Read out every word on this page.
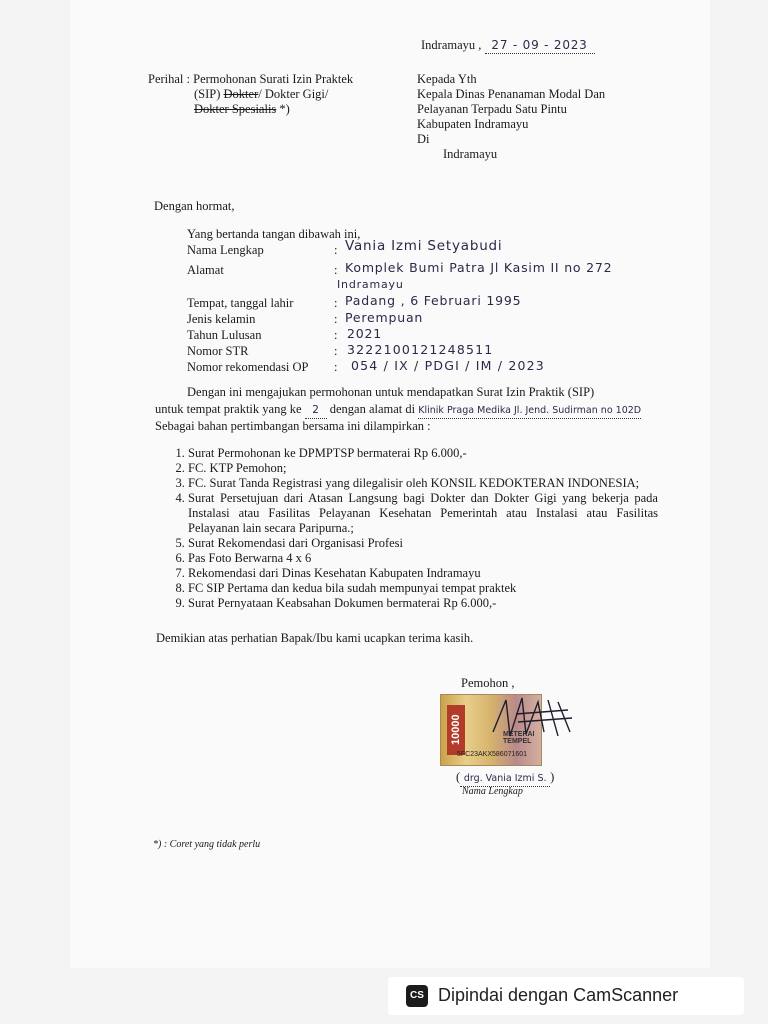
Indramayu , 27 - 09 - 2023
Perihal : Permohonan Surati Izin Praktek
(SIP) Dokter/ Dokter Gigi/
Dokter Spesialis *)
Kepada Yth
Kepala Dinas Penanaman Modal Dan
Pelayanan Terpadu Satu Pintu
Kabupaten Indramayu
Di
Indramayu
Dengan hormat,
Yang bertanda tangan dibawah ini,
Nama Lengkap	: Vania Izmi Setyabudi
Alamat	: Komplek Bumi Patra Jl Kasim II no 272
Indramayu
Tempat, tanggal lahir	: Padang , 6 Februari 1995
Jenis kelamin	: Perempuan
Tahun Lulusan	: 2021
Nomor STR	: 3222100121248511
Nomor rekomendasi OP : 054 / IX / PDGI / IM / 2023
Dengan ini mengajukan permohonan untuk mendapatkan Surat Izin Praktik (SIP)
untuk tempat praktik yang ke 2 dengan alamat di Klinik Praga Medika Jl. Jend. Sudirman no 102D
Sebagai bahan pertimbangan bersama ini dilampirkan :
1. Surat Permohonan ke DPMPTSP bermaterai Rp 6.000,-
2. FC. KTP Pemohon;
3. FC. Surat Tanda Registrasi yang dilegalisir oleh KONSIL KEDOKTERAN INDONESIA;
4. Surat Persetujuan dari Atasan Langsung bagi Dokter dan Dokter Gigi yang bekerja pada Instalasi atau Fasilitas Pelayanan Kesehatan Pemerintah atau Instalasi atau Fasilitas Pelayanan lain secara Paripurna.;
5. Surat Rekomendasi dari Organisasi Profesi
6. Pas Foto Berwarna 4 x 6
7. Rekomendasi dari Dinas Kesehatan Kabupaten Indramayu
8. FC SIP Pertama dan kedua bila sudah mempunyai tempat praktek
9. Surat Pernyataan Keabsahan Dokumen bermaterai Rp 6.000,-
Demikian atas perhatian Bapak/Ibu kami ucapkan terima kasih.
Pemohon ,
10000	METERAI
TEMPEL
5FC23AKX586071601
( drg. Vania Izmi S. )
Nama Lengkap
*) : Coret yang tidak perlu
CS Dipindai dengan CamScanner
